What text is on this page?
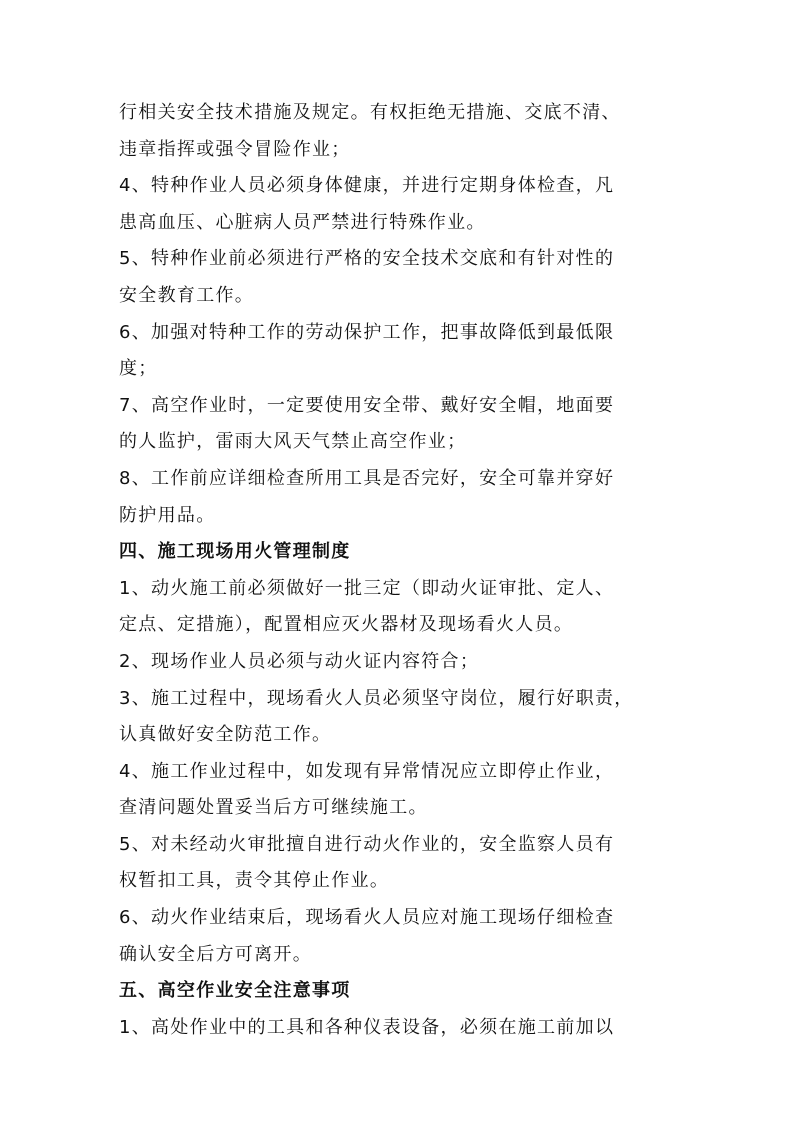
行相关安全技术措施及规定。有权拒绝无措施、交底不清、
违章指挥或强令冒险作业；
4、特种作业人员必须身体健康，并进行定期身体检查，凡
患高血压、心脏病人员严禁进行特殊作业。
5、特种作业前必须进行严格的安全技术交底和有针对性的
安全教育工作。
6、加强对特种工作的劳动保护工作，把事故降低到最低限
度；
7、高空作业时，一定要使用安全带、戴好安全帽，地面要
的人监护，雷雨大风天气禁止高空作业；
8、工作前应详细检查所用工具是否完好，安全可靠并穿好
防护用品。
四、施工现场用火管理制度
1、动火施工前必须做好一批三定（即动火证审批、定人、
定点、定措施），配置相应灭火器材及现场看火人员。
2、现场作业人员必须与动火证内容符合；
3、施工过程中，现场看火人员必须坚守岗位，履行好职责，
认真做好安全防范工作。
4、施工作业过程中，如发现有异常情况应立即停止作业，
查清问题处置妥当后方可继续施工。
5、对未经动火审批擅自进行动火作业的，安全监察人员有
权暂扣工具，责令其停止作业。
6、动火作业结束后，现场看火人员应对施工现场仔细检查
确认安全后方可离开。
五、高空作业安全注意事项
1、高处作业中的工具和各种仪表设备，必须在施工前加以
